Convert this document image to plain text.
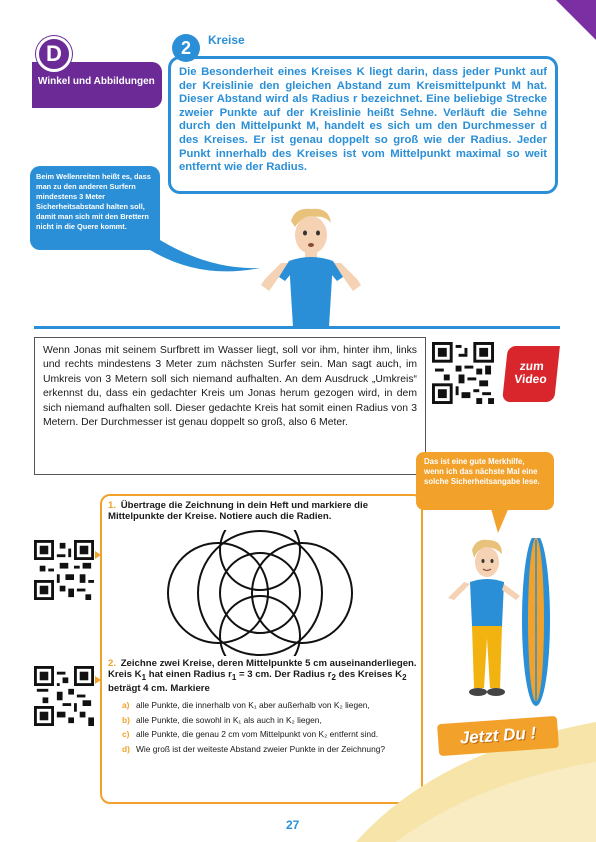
Winkel und Abbildungen
D	2	Kreise
Die Besonderheit eines Kreises K liegt darin, dass jeder Punkt auf der Kreislinie den gleichen Abstand zum Kreismittelpunkt M hat. Dieser Abstand wird als Radius r bezeichnet. Eine beliebige Strecke zweier Punkte auf der Kreislinie heißt Sehne. Verläuft die Sehne durch den Mittelpunkt M, handelt es sich um den Durchmesser d des Kreises. Er ist genau doppelt so groß wie der Radius. Jeder Punkt innerhalb des Kreises ist vom Mittelpunkt maximal so weit entfernt wie der Radius.
Beim Wellenreiten heißt es, dass man zu den anderen Surfern mindestens 3 Meter Sicherheitsabstand halten soll, damit man sich mit den Brettern nicht in die Quere kommt.
Wenn Jonas mit seinem Surfbrett im Wasser liegt, soll vor ihm, hinter ihm, links und rechts mindestens 3 Meter zum nächsten Surfer sein. Man sagt auch, im Umkreis von 3 Metern soll sich niemand aufhalten. An dem Ausdruck „Umkreis“ erkennst du, dass ein gedachter Kreis um Jonas herum gezogen wird, in dem sich niemand aufhalten soll. Dieser gedachte Kreis hat somit einen Radius von 3 Metern. Der Durchmesser ist genau doppelt so groß, also 6 Meter.
zum
Video
Das ist eine gute Merkhilfe, wenn ich das nächste Mal eine solche Sicherheitsangabe lese.
1. Übertrage die Zeichnung in dein Heft und markiere die Mittelpunkte der Kreise. Notiere auch die Radien.
2. Zeichne zwei Kreise, deren Mittelpunkte 5 cm auseinanderliegen. Kreis $K_1$ hat einen Radius $r_1 = 3$ cm. Der Radius $r_2$ des Kreises $K_2$ beträgt 4 cm. Markiere
a) alle Punkte, die innerhalb von K₁ aber außerhalb von K₂ liegen,
b) alle Punkte, die sowohl in K₁ als auch in K₂ liegen,
c) alle Punkte, die genau 2 cm vom Mittelpunkt von K₂ entfernt sind.
d) Wie groß ist der weiteste Abstand zweier Punkte in der Zeichnung?
Jetzt Du !
27
